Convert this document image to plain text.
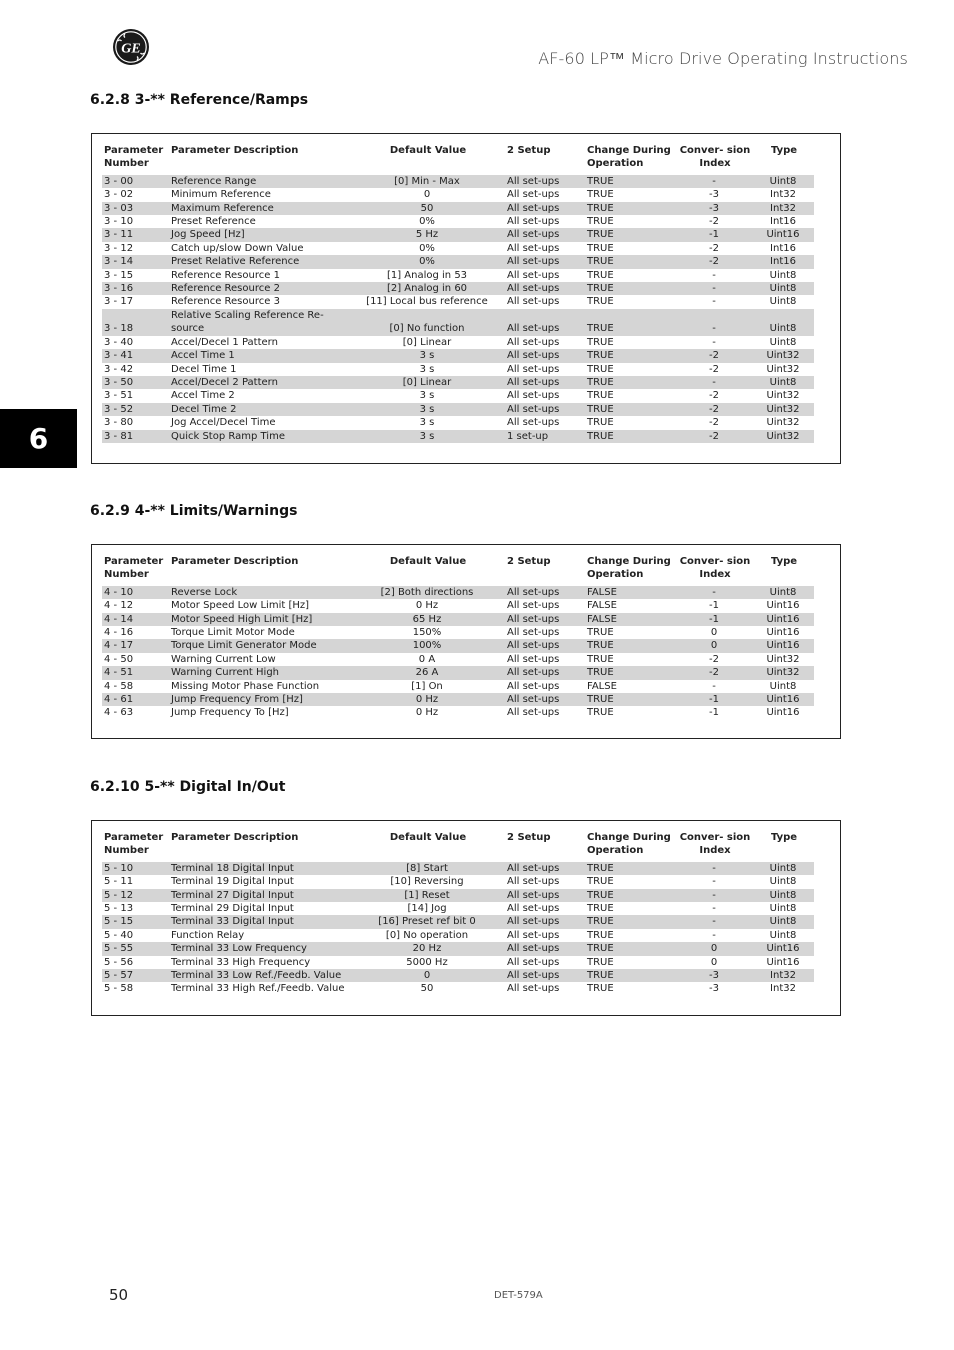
GE	AF-60 LP™ Micro Drive Operating Instructions
6
6.2.8 3-** Reference/Ramps
Parameter Number	Parameter Description	Default Value	2 Setup	Change During Operation	Conver- sion Index	Type
3 - 00	Reference Range	[0] Min - Max	All set-ups	TRUE	-	Uint8
3 - 02	Minimum Reference	0	All set-ups	TRUE	-3	Int32
3 - 03	Maximum Reference	50	All set-ups	TRUE	-3	Int32
3 - 10	Preset Reference	0%	All set-ups	TRUE	-2	Int16
3 - 11	Jog Speed [Hz]	5 Hz	All set-ups	TRUE	-1	Uint16
3 - 12	Catch up/slow Down Value	0%	All set-ups	TRUE	-2	Int16
3 - 14	Preset Relative Reference	0%	All set-ups	TRUE	-2	Int16
3 - 15	Reference Resource 1	[1] Analog in 53	All set-ups	TRUE	-	Uint8
3 - 16	Reference Resource 2	[2] Analog in 60	All set-ups	TRUE	-	Uint8
3 - 17	Reference Resource 3	[11] Local bus reference	All set-ups	TRUE	-	Uint8
3 - 18	Relative Scaling Reference Re- source	[0] No function	All set-ups	TRUE	-	Uint8
3 - 40	Accel/Decel 1 Pattern	[0] Linear	All set-ups	TRUE	-	Uint8
3 - 41	Accel Time 1	3 s	All set-ups	TRUE	-2	Uint32
3 - 42	Decel Time 1	3 s	All set-ups	TRUE	-2	Uint32
3 - 50	Accel/Decel 2 Pattern	[0] Linear	All set-ups	TRUE	-	Uint8
3 - 51	Accel Time 2	3 s	All set-ups	TRUE	-2	Uint32
3 - 52	Decel Time 2	3 s	All set-ups	TRUE	-2	Uint32
3 - 80	Jog Accel/Decel Time	3 s	All set-ups	TRUE	-2	Uint32
3 - 81	Quick Stop Ramp Time	3 s	1 set-up	TRUE	-2	Uint32
6.2.9 4-** Limits/Warnings
Parameter Number	Parameter Description	Default Value	2 Setup	Change During Operation	Conver- sion Index	Type
4 - 10	Reverse Lock	[2] Both directions	All set-ups	FALSE	-	Uint8
4 - 12	Motor Speed Low Limit [Hz]	0 Hz	All set-ups	FALSE	-1	Uint16
4 - 14	Motor Speed High Limit [Hz]	65 Hz	All set-ups	FALSE	-1	Uint16
4 - 16	Torque Limit Motor Mode	150%	All set-ups	TRUE	0	Uint16
4 - 17	Torque Limit Generator Mode	100%	All set-ups	TRUE	0	Uint16
4 - 50	Warning Current Low	0 A	All set-ups	TRUE	-2	Uint32
4 - 51	Warning Current High	26 A	All set-ups	TRUE	-2	Uint32
4 - 58	Missing Motor Phase Function	[1] On	All set-ups	FALSE	-	Uint8
4 - 61	Jump Frequency From [Hz]	0 Hz	All set-ups	TRUE	-1	Uint16
4 - 63	Jump Frequency To [Hz]	0 Hz	All set-ups	TRUE	-1	Uint16
6.2.10 5-** Digital In/Out
Parameter Number	Parameter Description	Default Value	2 Setup	Change During Operation	Conver- sion Index	Type
5 - 10	Terminal 18 Digital Input	[8] Start	All set-ups	TRUE	-	Uint8
5 - 11	Terminal 19 Digital Input	[10] Reversing	All set-ups	TRUE	-	Uint8
5 - 12	Terminal 27 Digital Input	[1] Reset	All set-ups	TRUE	-	Uint8
5 - 13	Terminal 29 Digital Input	[14] Jog	All set-ups	TRUE	-	Uint8
5 - 15	Terminal 33 Digital Input	[16] Preset ref bit 0	All set-ups	TRUE	-	Uint8
5 - 40	Function Relay	[0] No operation	All set-ups	TRUE	-	Uint8
5 - 55	Terminal 33 Low Frequency	20 Hz	All set-ups	TRUE	0	Uint16
5 - 56	Terminal 33 High Frequency	5000 Hz	All set-ups	TRUE	0	Uint16
5 - 57	Terminal 33 Low Ref./Feedb. Value	0	All set-ups	TRUE	-3	Int32
5 - 58	Terminal 33 High Ref./Feedb. Value	50	All set-ups	TRUE	-3	Int32
50	DET-579A
